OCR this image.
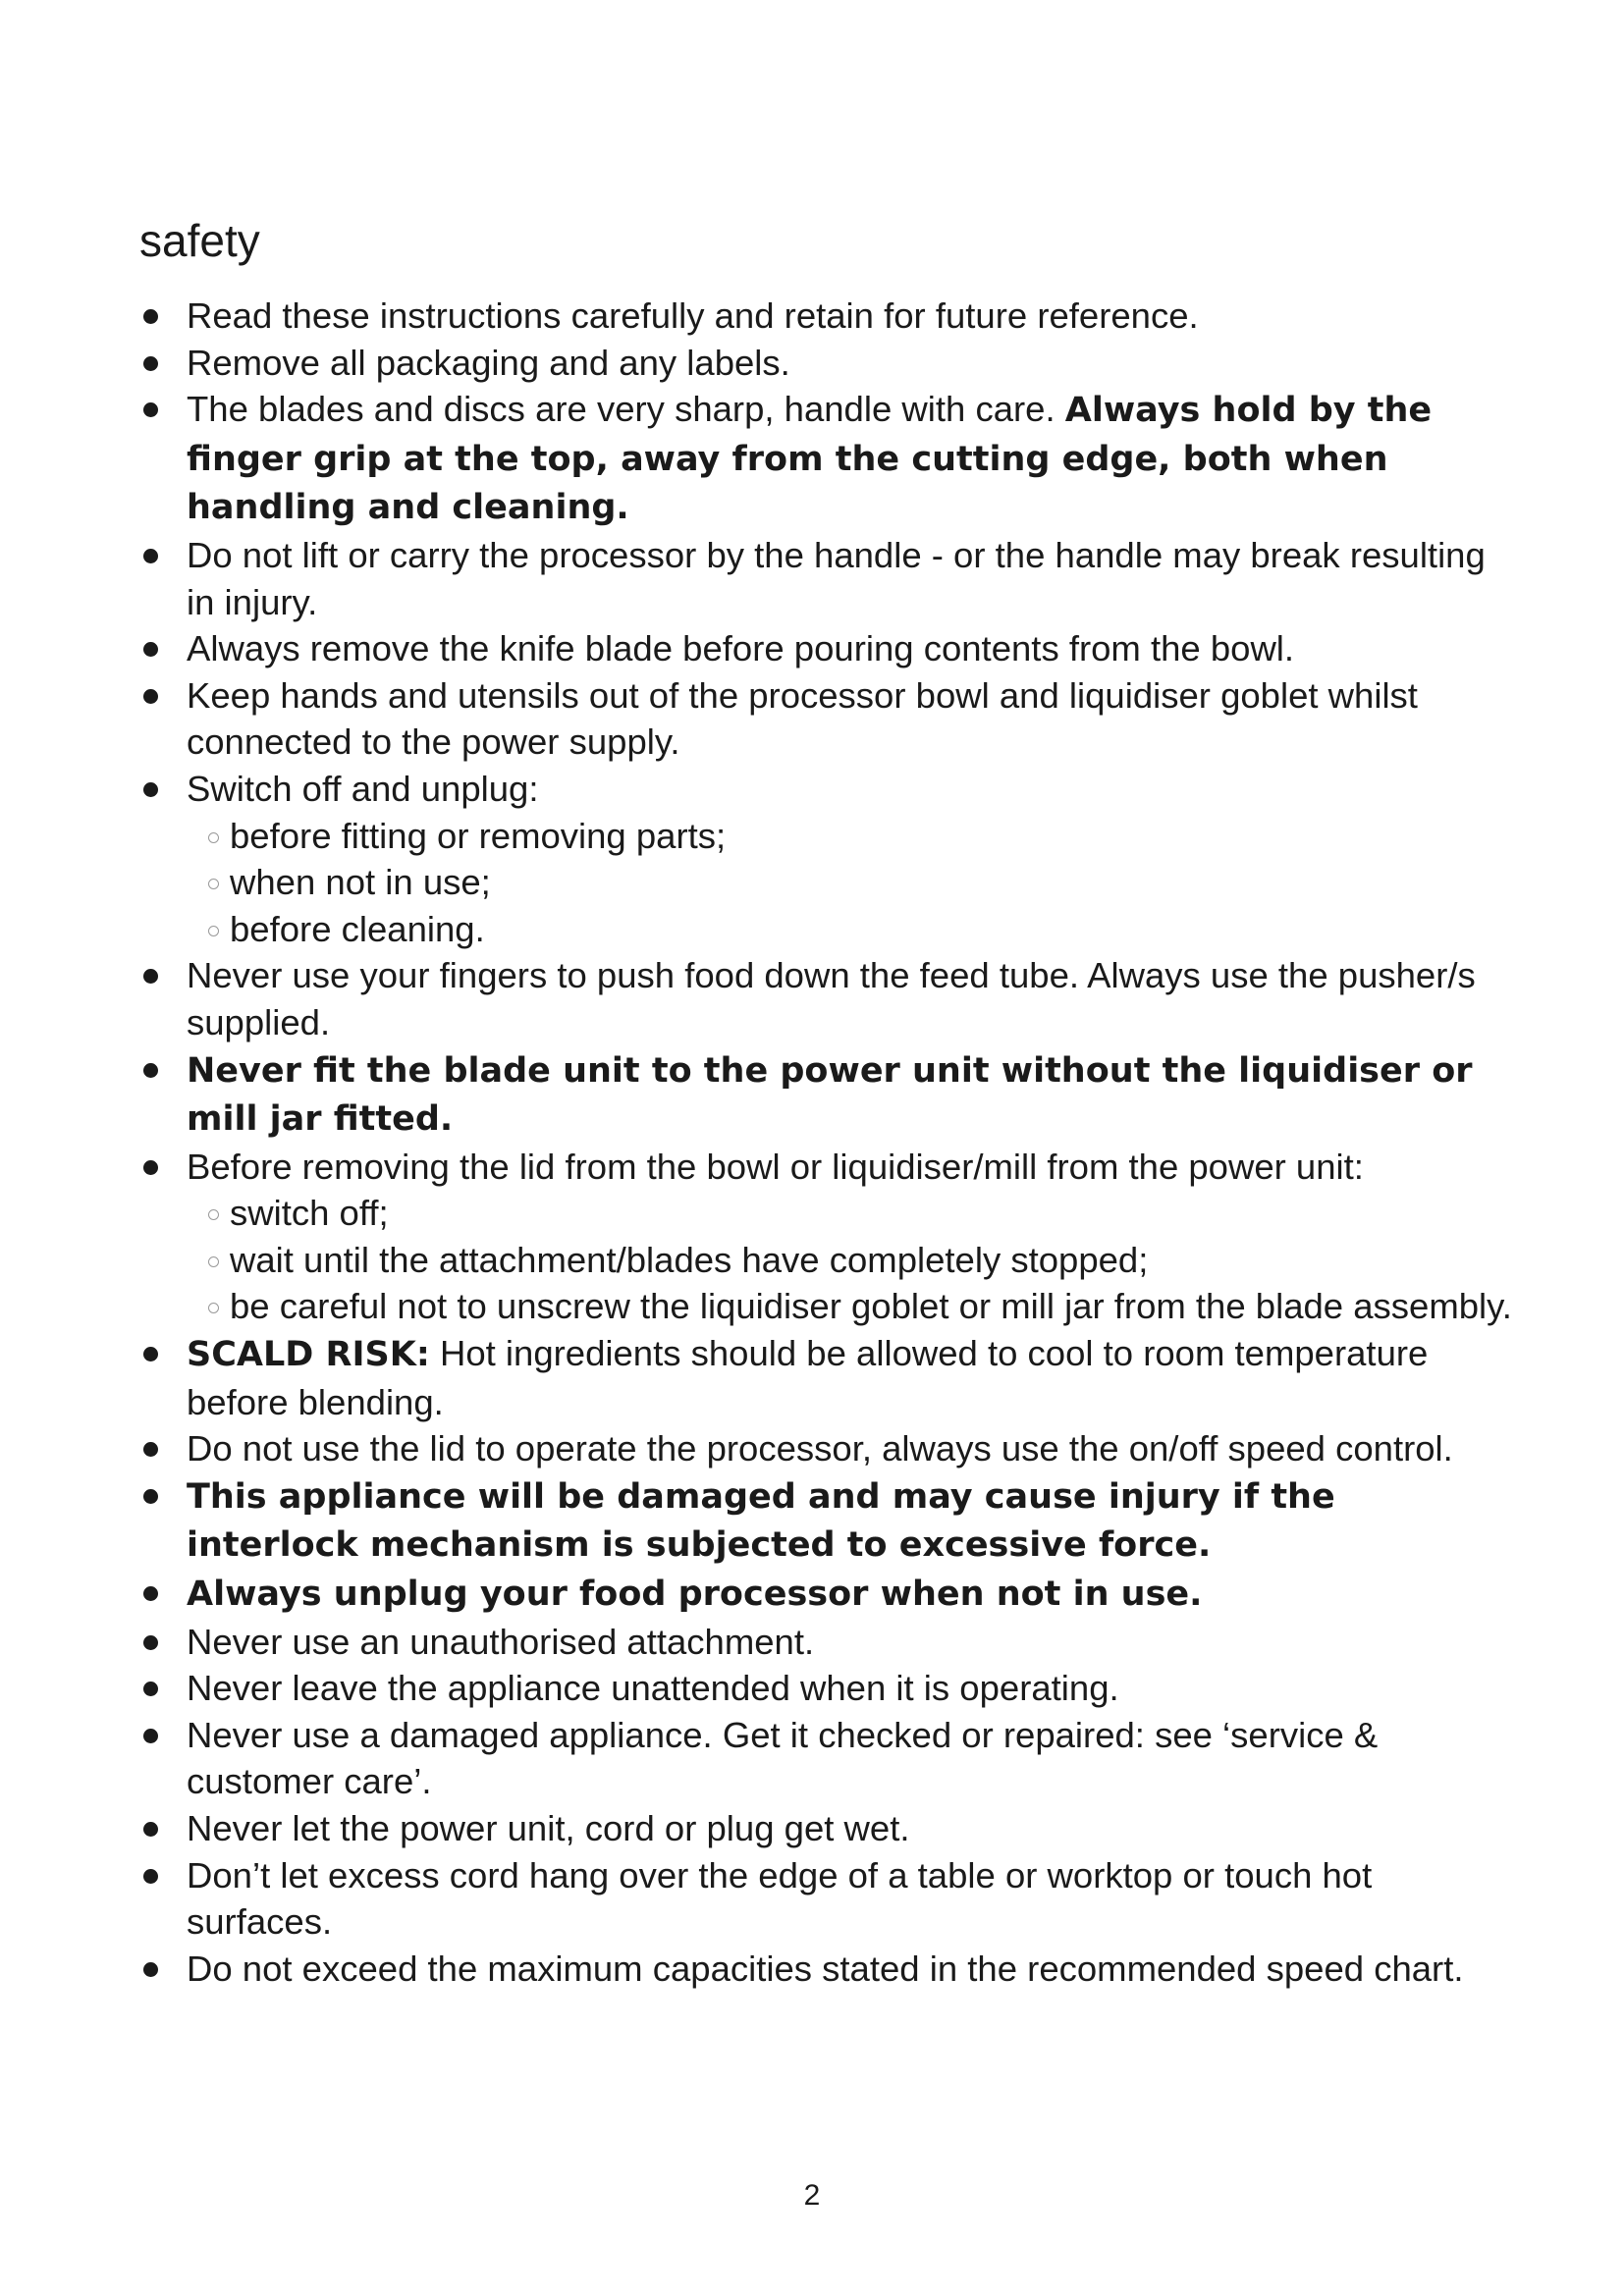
safety
Read these instructions carefully and retain for future reference.
Remove all packaging and any labels.
The blades and discs are very sharp, handle with care. Always hold by the finger grip at the top, away from the cutting edge, both when handling and cleaning.
Do not lift or carry the processor by the handle - or the handle may break resulting in injury.
Always remove the knife blade before pouring contents from the bowl.
Keep hands and utensils out of the processor bowl and liquidiser goblet whilst connected to the power supply.
Switch off and unplug:
before fitting or removing parts;
when not in use;
before cleaning.
Never use your fingers to push food down the feed tube. Always use the pusher/s supplied.
Never fit the blade unit to the power unit without the liquidiser or mill jar fitted.
Before removing the lid from the bowl or liquidiser/mill from the power unit:
switch off;
wait until the attachment/blades have completely stopped;
be careful not to unscrew the liquidiser goblet or mill jar from the blade assembly.
SCALD RISK: Hot ingredients should be allowed to cool to room temperature before blending.
Do not use the lid to operate the processor, always use the on/off speed control.
This appliance will be damaged and may cause injury if the interlock mechanism is subjected to excessive force.
Always unplug your food processor when not in use.
Never use an unauthorised attachment.
Never leave the appliance unattended when it is operating.
Never use a damaged appliance. Get it checked or repaired: see ‘service & customer care’.
Never let the power unit, cord or plug get wet.
Don’t let excess cord hang over the edge of a table or worktop or touch hot surfaces.
Do not exceed the maximum capacities stated in the recommended speed chart.
2
